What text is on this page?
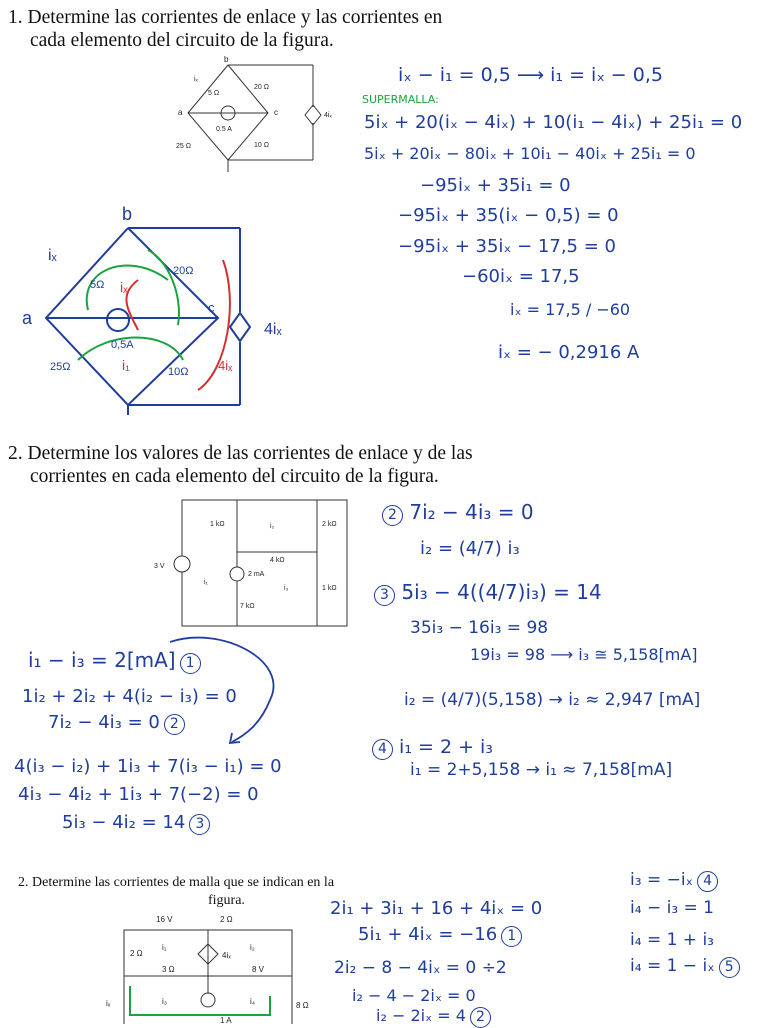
1. Determine las corrientes de enlace y las corrientes en
cada elemento del circuito de la figura.
b
a	c
5 Ω
20 Ω
25 Ω	10 Ω
0.5 A
4iₓ
iₓ
b
a
c
iₓ
5Ω
20Ω
25Ω	10Ω
0,5A
iₓ
i₁
4iₓ
4iₓ
iₓ − i₁ = 0,5 ⟶ i₁ = iₓ − 0,5
SUPERMALLA:
5iₓ + 20(iₓ − 4iₓ) + 10(i₁ − 4iₓ) + 25i₁ = 0
5iₓ + 20iₓ − 80iₓ + 10i₁ − 40iₓ + 25i₁ = 0
−95iₓ + 35i₁ = 0
−95iₓ + 35(iₓ − 0,5) = 0
−95iₓ + 35iₓ − 17,5 = 0
−60iₓ = 17,5
iₓ = 17,5 / −60
iₓ = − 0,2916 A
2. Determine los valores de las corrientes de enlace y de las
corrientes en cada elemento del circuito de la figura.
1 kΩ	2 kΩ
4 kΩ
1 kΩ
7 kΩ
3 V
2 mA
i₁
i₂
i₃
2 7i₂ − 4i₃ = 0
i₂ = (4/7) i₃
3 5i₃ − 4((4/7)i₃) = 14
35i₃ − 16i₃ = 98
19i₃ = 98 ⟶ i₃ ≅ 5,158[mA]
i₂ = (4/7)(5,158) → i₂ ≈ 2,947 [mA]
4 i₁ = 2 + i₃
i₁ = 2+5,158 → i₁ ≈ 7,158[mA]
i₁ − i₃ = 2[mA] 1
1i₂ + 2i₂ + 4(i₂ − i₃) = 0
7i₂ − 4i₃ = 0 2
4(i₃ − i₂) + 1i₃ + 7(i₃ − i₁) = 0
4i₃ − 4i₂ + 1i₃ + 7(−2) = 0
5i₃ − 4i₂ = 14 3
2. Determine las corrientes de malla que se indican en la
figura.
16 V	2 Ω
2 Ω	4iₓ
3 Ω	8 V
8 Ω
1 A
iₓ
i₁	i₂
i₃	i₄
2i₁ + 3i₁ + 16 + 4iₓ = 0
5i₁ + 4iₓ = −16 1
2i₂ − 8 − 4iₓ = 0 ÷2
i₂ − 4 − 2iₓ = 0
i₂ − 2iₓ = 4 2
i₃ = −iₓ 4
i₄ − i₃ = 1
i₄ = 1 + i₃
i₄ = 1 − iₓ 5
